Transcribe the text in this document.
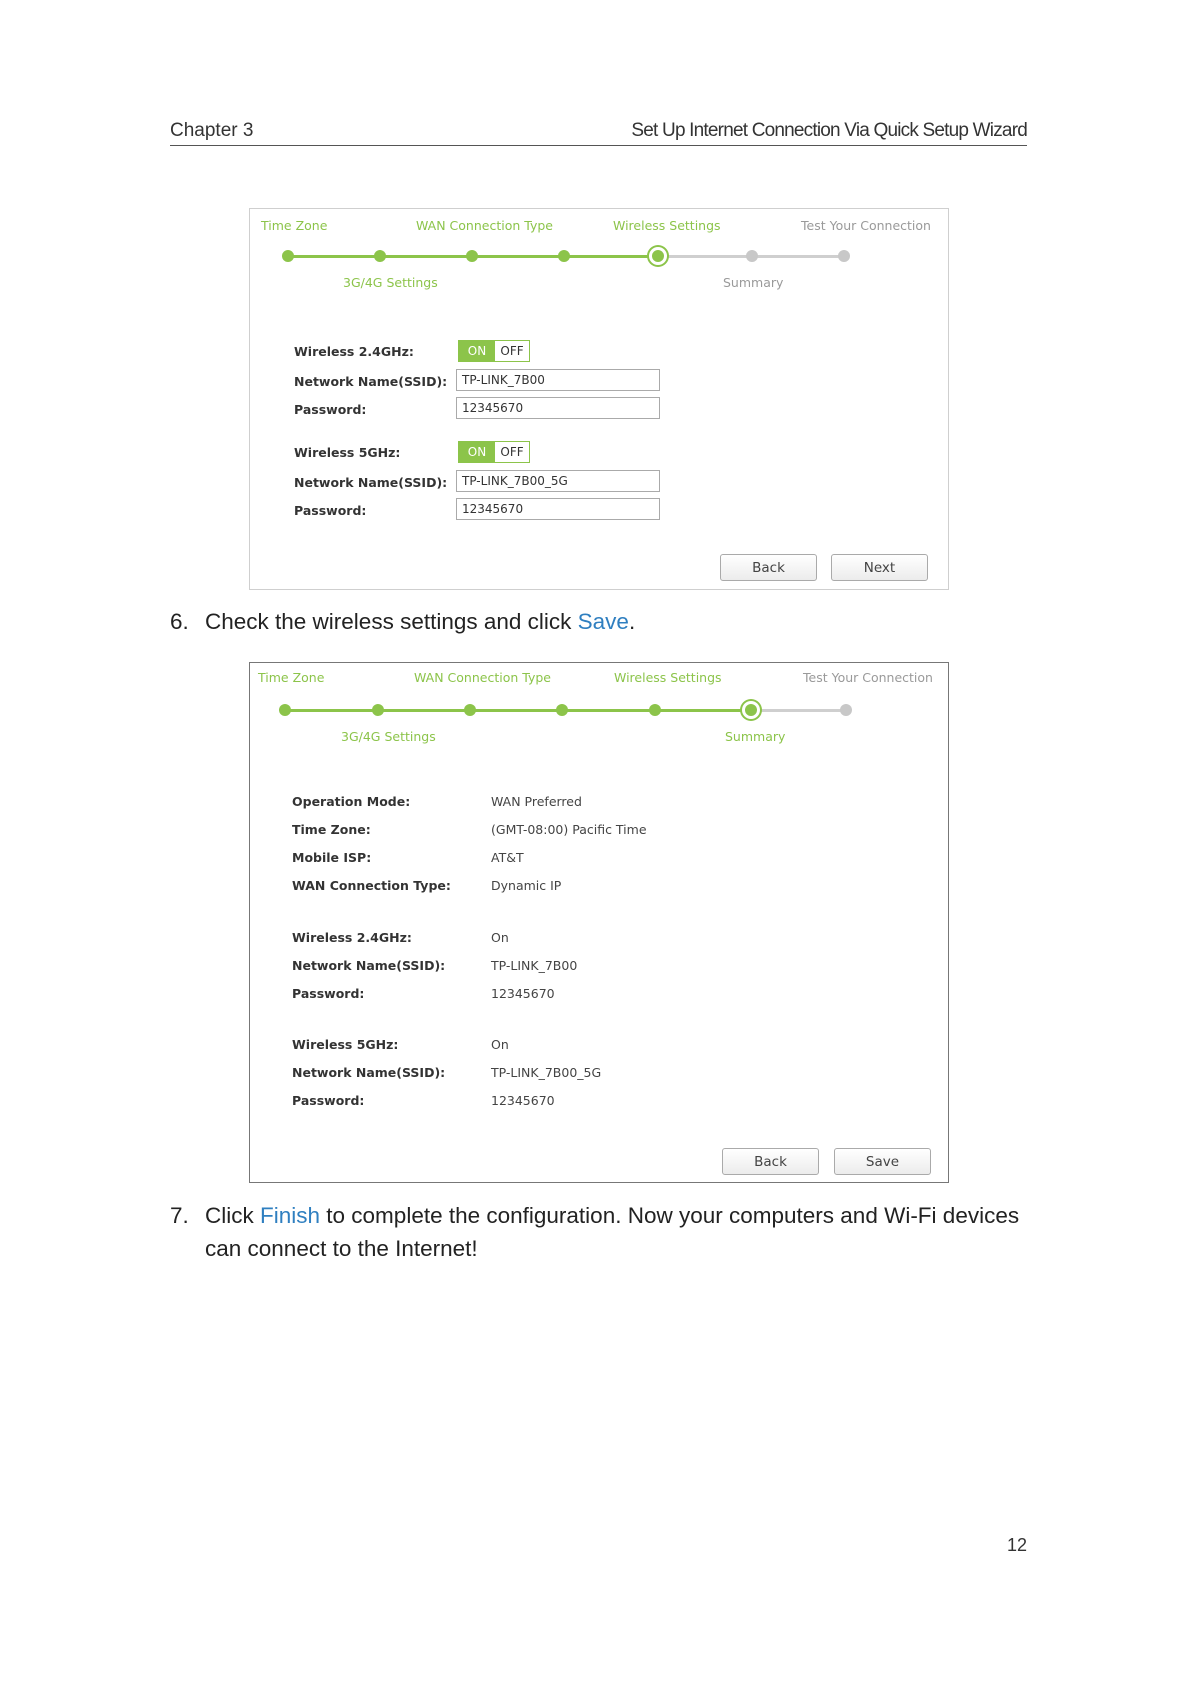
Chapter 3	Set Up Internet Connection Via Quick Setup Wizard
Time Zone	WAN Connection Type	Wireless Settings	Test Your Connection
3G/4G Settings	Summary
Wireless 2.4GHz:	ON	OFF
Network Name(SSID):	TP-LINK_7B00
Password:	12345670
Wireless 5GHz:	ON	OFF
Network Name(SSID):	TP-LINK_7B00_5G
Password:	12345670
Back	Next
6. Check the wireless settings and click Save.
Time Zone	WAN Connection Type	Wireless Settings	Test Your Connection
3G/4G Settings	Summary
Operation Mode:	WAN Preferred
Time Zone:	(GMT-08:00) Pacific Time
Mobile ISP:	AT&T
WAN Connection Type:	Dynamic IP
Wireless 2.4GHz:	On
Network Name(SSID):	TP-LINK_7B00
Password:	12345670
Wireless 5GHz:	On
Network Name(SSID):	TP-LINK_7B00_5G
Password:	12345670
Back	Save
7. Click Finish to complete the configuration. Now your computers and Wi-Fi devices
can connect to the Internet!
12
